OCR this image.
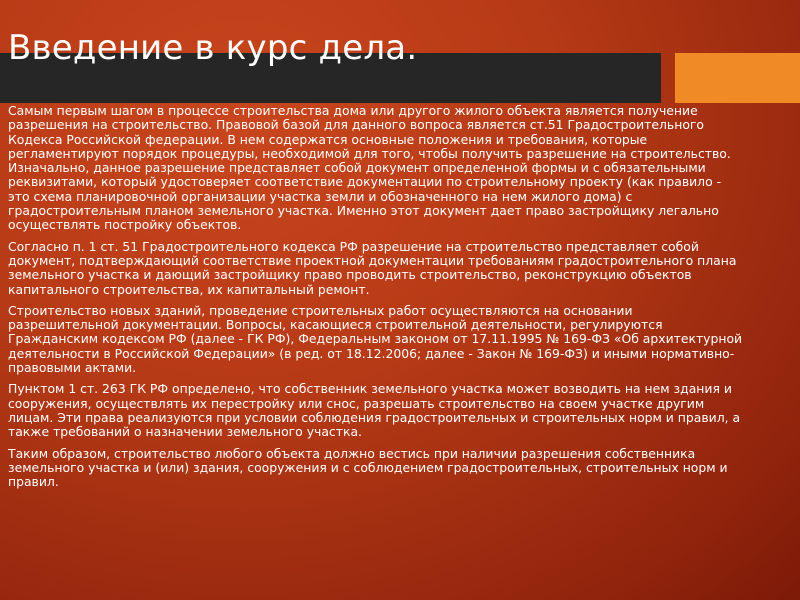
Введение в курс дела.

Самым первым шагом в процессе строительства дома или другого жилого объекта является получение разрешения на строительство. Правовой базой для данного вопроса является ст.51 Градостроительного Кодекса Российской федерации. В нем содержатся основные положения и требования, которые регламентируют порядок процедуры, необходимой для того, чтобы получить разрешение на строительство. Изначально, данное разрешение представляет собой документ определенной формы и с обязательными реквизитами, который удостоверяет соответствие документации по строительному проекту (как правило - это схема планировочной организации участка земли и обозначенного на нем жилого дома) с градостроительным планом земельного участка. Именно этот документ дает право застройщику легально осуществлять постройку объектов.

Согласно п. 1 ст. 51 Градостроительного кодекса РФ разрешение на строительство представляет собой документ, подтверждающий соответствие проектной документации требованиям градостроительного плана земельного участка и дающий застройщику право проводить строительство, реконструкцию объектов капитального строительства, их капитальный ремонт.

Строительство новых зданий, проведение строительных работ осуществляются на основании разрешительной документации. Вопросы, касающиеся строительной деятельности, регулируются Гражданским кодексом РФ (далее - ГК РФ), Федеральным законом от 17.11.1995 № 169-ФЗ «Об архитектурной деятельности в Российской Федерации» (в ред. от 18.12.2006; далее - Закон № 169-ФЗ) и иными нормативно-правовыми актами.

Пунктом 1 ст. 263 ГК РФ определено, что собственник земельного участка может возводить на нем здания и сооружения, осуществлять их перестройку или снос, разрешать строительство на своем участке другим лицам. Эти права реализуются при условии соблюдения градостроительных и строительных норм и правил, а также требований о назначении земельного участка.

Таким образом, строительство любого объекта должно вестись при наличии разрешения собственника земельного участка и (или) здания, сооружения и с соблюдением градостроительных, строительных норм и правил.
